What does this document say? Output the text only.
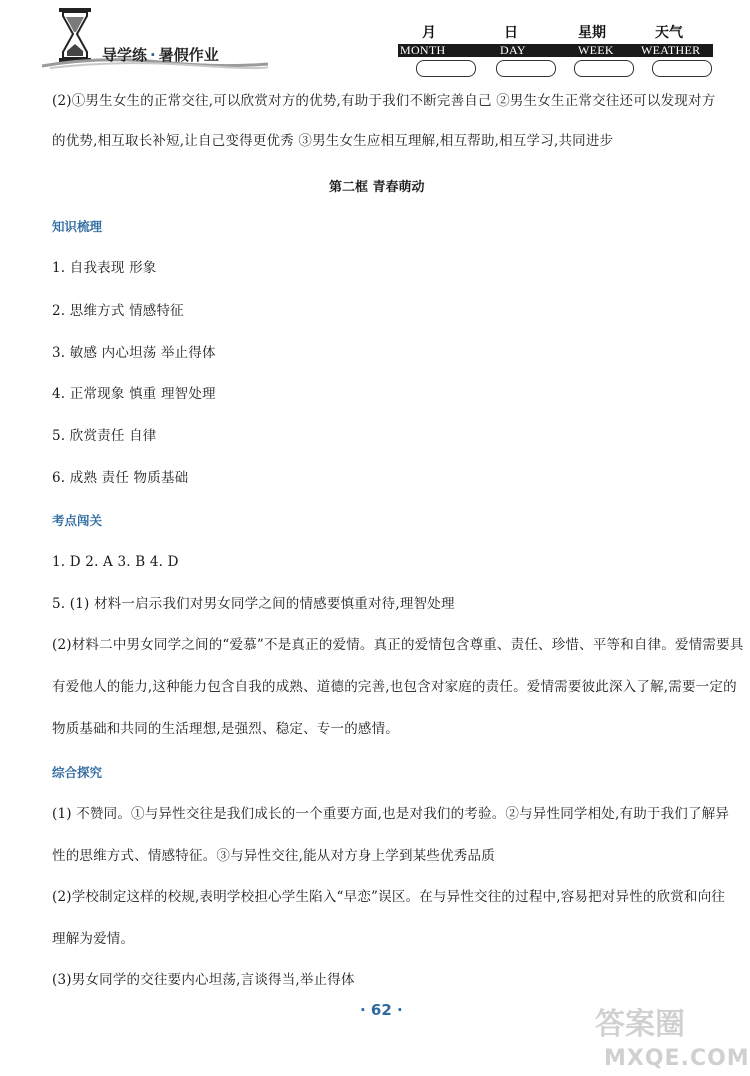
导学练 · 暑假作业
月	日	星期	天气
MONTH	DAY	WEEK WEATHER
(2)①男生女生的正常交往,可以欣赏对方的优势,有助于我们不断完善自己 ②男生女生正常交往还可以发现对方
的优势,相互取长补短,让自己变得更优秀 ③男生女生应相互理解,相互帮助,相互学习,共同进步
第二框 青春萌动
知识梳理
1. 自我表现 形象
2. 思维方式 情感特征
3. 敏感 内心坦荡 举止得体
4. 正常现象 慎重 理智处理
5. 欣赏责任 自律
6. 成熟 责任 物质基础
考点闯关
1. D 2. A 3. B 4. D
5. (1) 材料一启示我们对男女同学之间的情感要慎重对待,理智处理
(2)材料二中男女同学之间的“爱慕”不是真正的爱情。真正的爱情包含尊重、责任、珍惜、平等和自律。爱情需要具
有爱他人的能力,这种能力包含自我的成熟、道德的完善,也包含对家庭的责任。爱情需要彼此深入了解,需要一定的
物质基础和共同的生活理想,是强烈、稳定、专一的感情。
综合探究
(1) 不赞同。①与异性交往是我们成长的一个重要方面,也是对我们的考验。②与异性同学相处,有助于我们了解异
性的思维方式、情感特征。③与异性交往,能从对方身上学到某些优秀品质
(2)学校制定这样的校规,表明学校担心学生陷入“早恋”误区。在与异性交往的过程中,容易把对异性的欣赏和向往
理解为爱情。
(3)男女同学的交往要内心坦荡,言谈得当,举止得体
· 62 ·	答案圈
MXQE.COM
